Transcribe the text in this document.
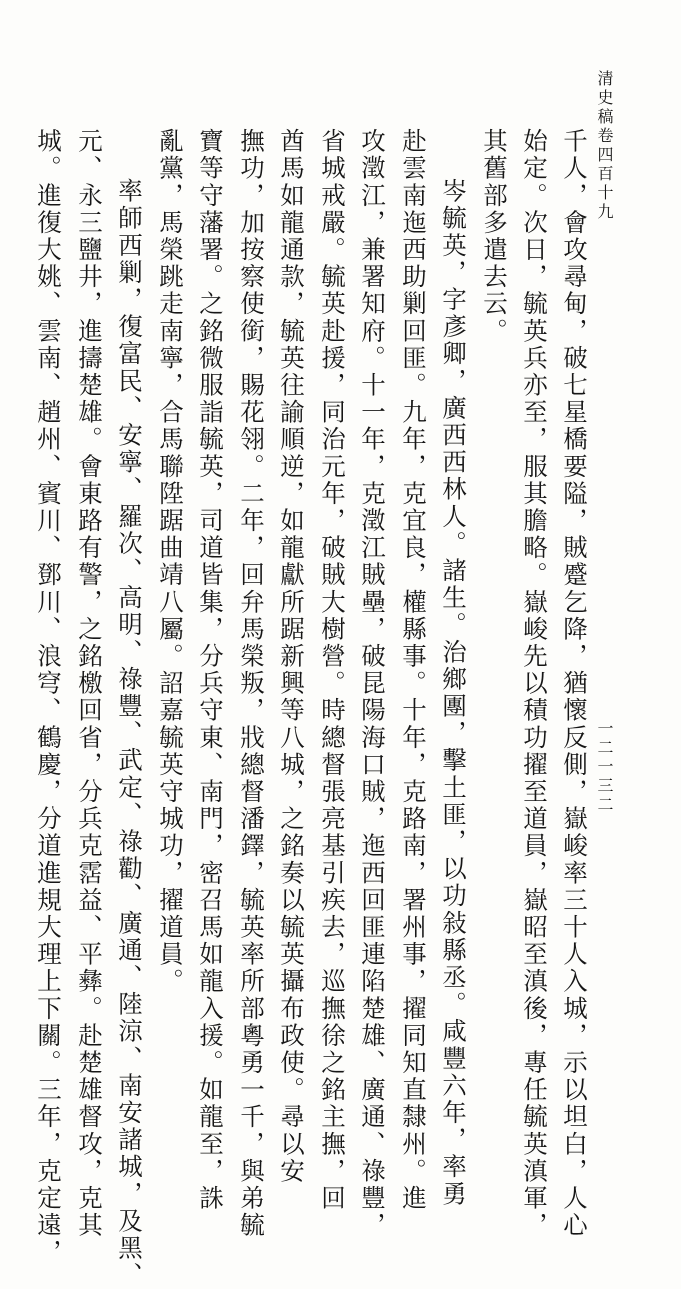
清史稿卷四百十九
一二一三二
千人，會攻尋甸，破七星橋要隘，賊蹙乞降，猶懷反側，嶽峻率三十人入城，示以坦白，人心
始定。次日，毓英兵亦至，服其膽略。嶽峻先以積功擢至道員，嶽昭至滇後，專任毓英滇軍，
其舊部多遣去云。
岑毓英，字彥卿，廣西西林人。諸生。治鄉團，擊土匪，以功敍縣丞。咸豐六年，率勇
赴雲南迤西助剿回匪。九年，克宜良，權縣事。十年，克路南，署州事，擢同知直隸州。進
攻澂江，兼署知府。十一年，克澂江賊壘，破昆陽海口賊，迤西回匪連陷楚雄、廣通、祿豐，
省城戒嚴。毓英赴援，同治元年，破賊大樹營。時總督張亮基引疾去，巡撫徐之銘主撫，回
酋馬如龍通款，毓英往諭順逆，如龍獻所踞新興等八城，之銘奏以毓英攝布政使。尋以安
撫功，加按察使銜，賜花翎。二年，回弁馬榮叛，戕總督潘鐸，毓英率所部粵勇一千，與弟毓
寶等守藩署。之銘微服詣毓英，司道皆集，分兵守東、南門，密召馬如龍入援。如龍至，誅
亂黨，馬榮跳走南寧，合馬聯陞踞曲靖八屬。詔嘉毓英守城功，擢道員。
率師西剿，復富民、安寧、羅次、高明、祿豐、武定、祿勸、廣通、陸涼、南安諸城，及黑、
元、永三鹽井，進擣楚雄。會東路有警，之銘檄回省，分兵克霑益、平彝。赴楚雄督攻，克其
城。進復大姚、雲南、趙州、賓川、鄧川、浪穹、鶴慶，分道進規大理上下關。三年，克定遠，
